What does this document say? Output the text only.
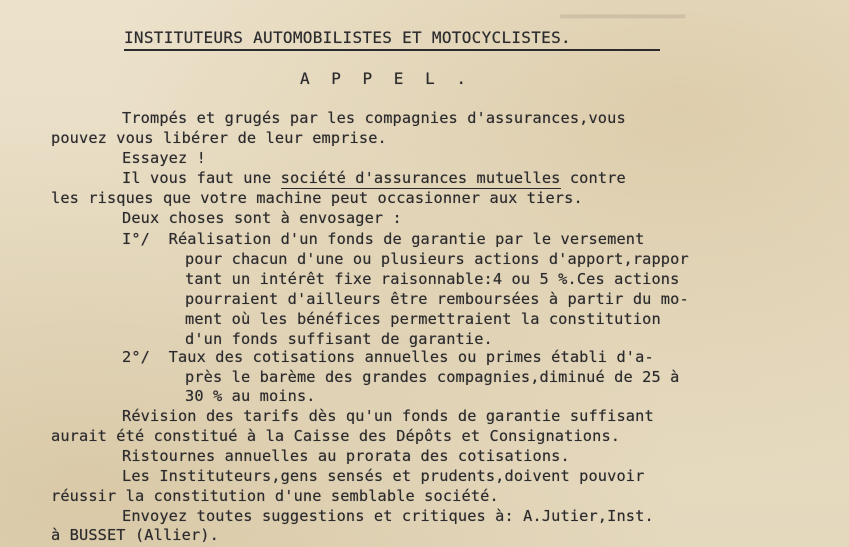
▂▂▂▂▂▂▂▂▂▂▂▂▂▂▂▂
INSTITUTEURS AUTOMOBILISTES ET MOTOCYCLISTES.
A P P E L .
Trompés et grugés par les compagnies d'assurances,vous
pouvez vous libérer de leur emprise.
Essayez !
Il vous faut une société d'assurances mutuelles contre
les risques que votre machine peut occasionner aux tiers.
Deux choses sont à envosager :
I°/  Réalisation d'un fonds de garantie par le versement
pour chacun d'une ou plusieurs actions d'apport,rappor
tant un intérêt fixe raisonnable:4 ou 5 %.Ces actions
pourraient d'ailleurs être remboursées à partir du mo-
ment où les bénéfices permettraient la constitution
d'un fonds suffisant de garantie.
2°/  Taux des cotisations annuelles ou primes établi d'a-
près le barème des grandes compagnies,diminué de 25 à
30 % au moins.
Révision des tarifs dès qu'un fonds de garantie suffisant
aurait été constitué à la Caisse des Dépôts et Consignations.
Ristournes annuelles au prorata des cotisations.
Les Instituteurs,gens sensés et prudents,doivent pouvoir
réussir la constitution d'une semblable société.
Envoyez toutes suggestions et critiques à: A.Jutier,Inst.
à BUSSET (Allier).
